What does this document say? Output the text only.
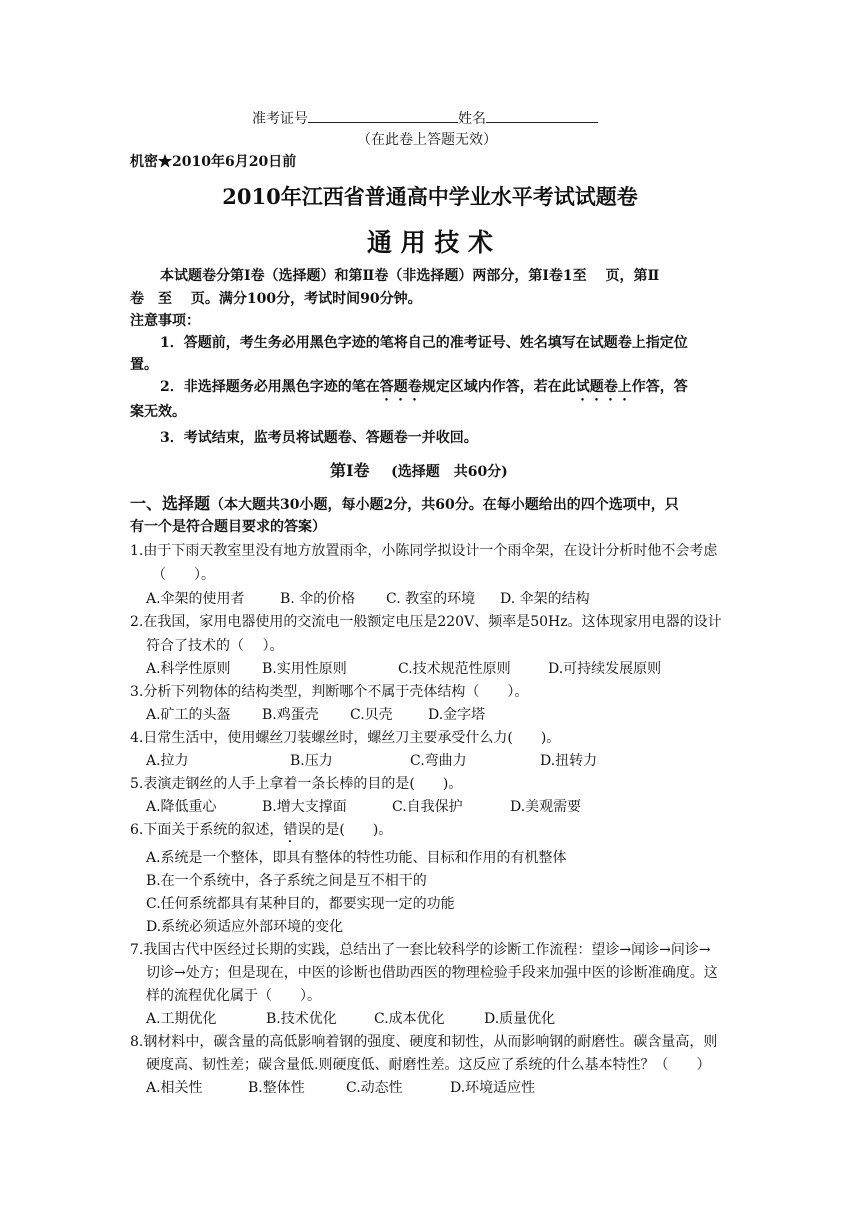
准考证号	姓名
（在此卷上答题无效）
机密★2010年6月20日前
2010年江西省普通高中学业水平考试试题卷
通 用 技 术
本试题卷分第Ⅰ卷（选择题）和第Ⅱ卷（非选择题）两部分，第Ⅰ卷1至　 页，第Ⅱ
卷　至　 页。满分100分，考试时间90分钟。
注意事项：
1．答题前，考生务必用黑色字迹的笔将自己的准考证号、姓名填写在试题卷上指定位
置。
2．非选择题务必用黑色字迹的笔在答题卷规定区域内作答，若在此试题卷上作答，答
案无效。
3．考试结束，监考员将试题卷、答题卷一并收回。
第Ⅰ卷 (选择题　共60分)
一、选择题（本大题共30小题，每小题2分，共60分。在每小题给出的四个选项中，只
有一个是符合题目要求的答案）
1.由于下雨天教室里没有地方放置雨伞，小陈同学拟设计一个雨伞架，在设计分析时他不会考虑
（　　）。
A.伞架的使用者	B. 伞的价格 C. 教室的环境 D. 伞架的结构
2.在我国，家用电器使用的交流电一般额定电压是220V、频率是50Hz。这体现家用电器的设计
符合了技术的（　 ）。
A.科学性原则 B.实用性原则	C.技术规范性原则	D.可持续发展原则
3.分析下列物体的结构类型，判断哪个不属于壳体结构（　　）。
A.矿工的头盔 B.鸡蛋壳 C.贝壳	D.金字塔
4.日常生活中，使用螺丝刀装螺丝时，螺丝刀主要承受什么力(　　)。
A.拉力	B.压力	C.弯曲力	D.扭转力
5.表演走钢丝的人手上拿着一条长棒的目的是(　　)。
A.降低重心	B.增大支撑面	C.自我保护	D.美观需要
6.下面关于系统的叙述，错误的是(　　)。
A.系统是一个整体，即具有整体的特性功能、目标和作用的有机整体
B.在一个系统中，各子系统之间是互不相干的
C.任何系统都具有某种目的，都要实现一定的功能
D.系统必须适应外部环境的变化
7.我国古代中医经过长期的实践，总结出了一套比较科学的诊断工作流程：望诊→闻诊→问诊→
切诊→处方；但是现在，中医的诊断也借助西医的物理检验手段来加强中医的诊断准确度。这
样的流程优化属于（　　）。
A.工期优化	B.技术优化	C.成本优化	D.质量优化
8.钢材料中，碳含量的高低影响着钢的强度、硬度和韧性，从而影响钢的耐磨性。碳含量高，则
硬度高、韧性差；碳含量低.则硬度低、耐磨性差。这反应了系统的什么基本特性？（　　）
A.相关性	B.整体性	C.动态性	D.环境适应性
